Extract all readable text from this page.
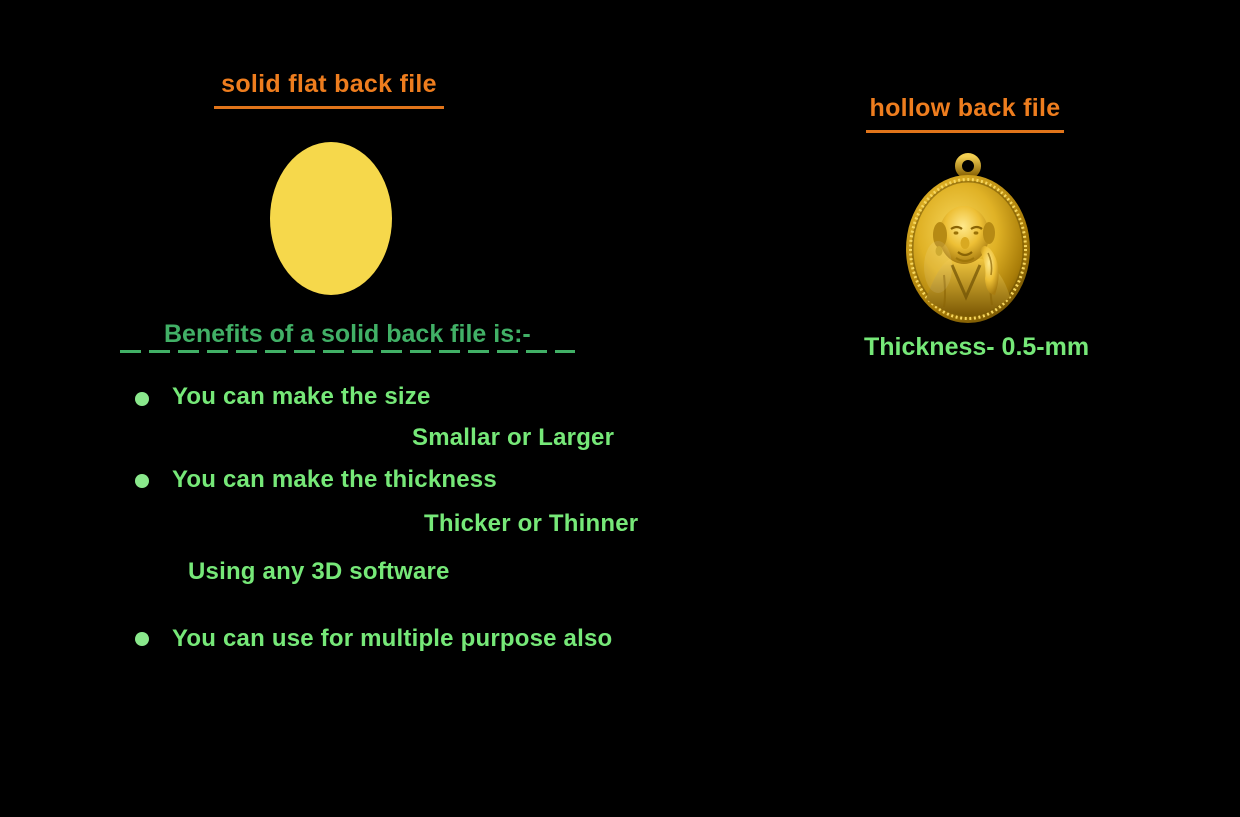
solid flat back file
Benefits of a solid back file is:-
You can make the size
Smallar or Larger
You can make the thickness
Thicker or Thinner
Using any 3D software
You can use for multiple purpose also
hollow back file
Thickness- 0.5-mm
